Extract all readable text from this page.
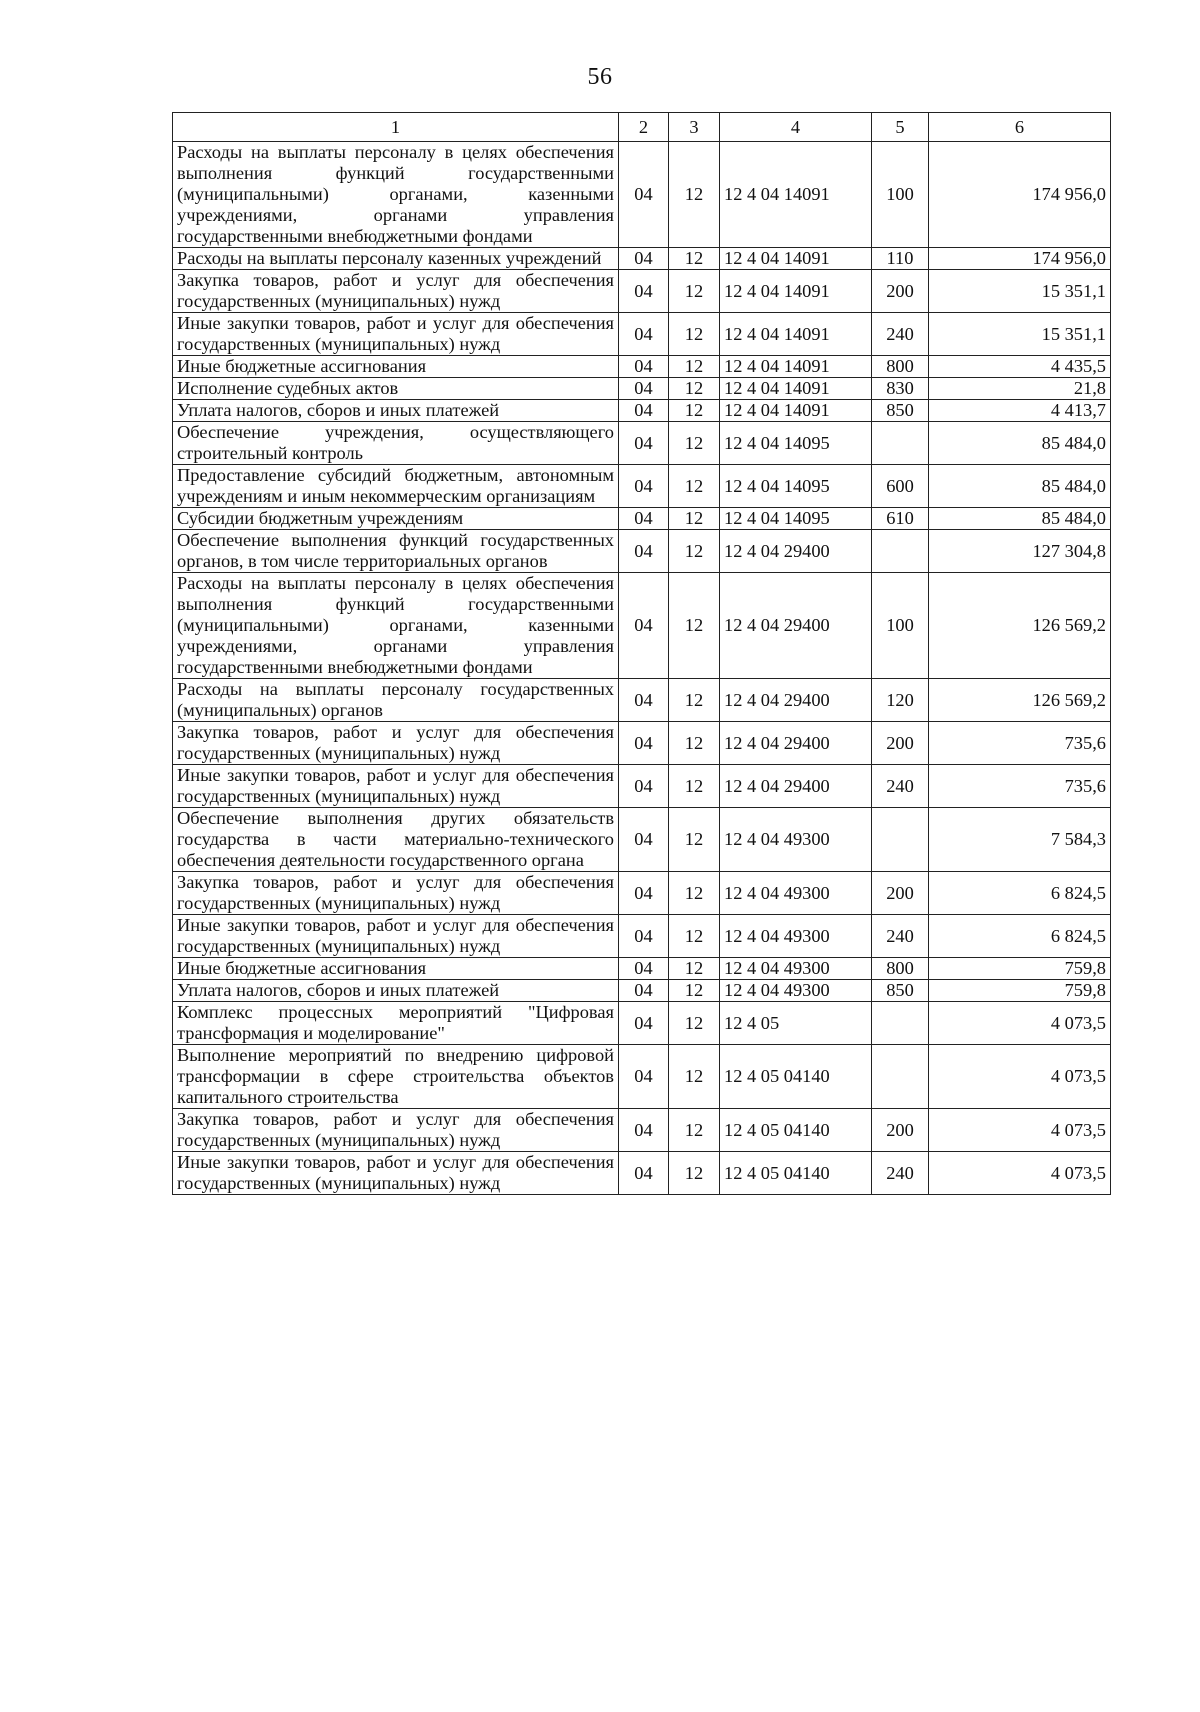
56
1	2	3	4	5	6
Расходы на выплаты персоналу в целях обеспечения выполнения функций государственными (муниципальными) органами, казенными учреждениями, органами управления государственными внебюджетными фондами	04	12	12 4 04 14091	100	174 956,0
Расходы на выплаты персоналу казенных учреждений	04	12	12 4 04 14091	110	174 956,0
Закупка товаров, работ и услуг для обеспечения государственных (муниципальных) нужд	04	12	12 4 04 14091	200	15 351,1
Иные закупки товаров, работ и услуг для обеспечения государственных (муниципальных) нужд	04	12	12 4 04 14091	240	15 351,1
Иные бюджетные ассигнования	04	12	12 4 04 14091	800	4 435,5
Исполнение судебных актов	04	12	12 4 04 14091	830	21,8
Уплата налогов, сборов и иных платежей	04	12	12 4 04 14091	850	4 413,7
Обеспечение учреждения, осуществляющего строительный контроль	04	12	12 4 04 14095		85 484,0
Предоставление субсидий бюджетным, автономным учреждениям и иным некоммерческим организациям	04	12	12 4 04 14095	600	85 484,0
Субсидии бюджетным учреждениям	04	12	12 4 04 14095	610	85 484,0
Обеспечение выполнения функций государственных органов, в том числе территориальных органов	04	12	12 4 04 29400		127 304,8
Расходы на выплаты персоналу в целях обеспечения выполнения функций государственными (муниципальными) органами, казенными учреждениями, органами управления государственными внебюджетными фондами	04	12	12 4 04 29400	100	126 569,2
Расходы на выплаты персоналу государственных (муниципальных) органов	04	12	12 4 04 29400	120	126 569,2
Закупка товаров, работ и услуг для обеспечения государственных (муниципальных) нужд	04	12	12 4 04 29400	200	735,6
Иные закупки товаров, работ и услуг для обеспечения государственных (муниципальных) нужд	04	12	12 4 04 29400	240	735,6
Обеспечение выполнения других обязательств государства в части материально-технического обеспечения деятельности государственного органа	04	12	12 4 04 49300		7 584,3
Закупка товаров, работ и услуг для обеспечения государственных (муниципальных) нужд	04	12	12 4 04 49300	200	6 824,5
Иные закупки товаров, работ и услуг для обеспечения государственных (муниципальных) нужд	04	12	12 4 04 49300	240	6 824,5
Иные бюджетные ассигнования	04	12	12 4 04 49300	800	759,8
Уплата налогов, сборов и иных платежей	04	12	12 4 04 49300	850	759,8
Комплекс процессных мероприятий "Цифровая трансформация и моделирование"	04	12	12 4 05		4 073,5
Выполнение мероприятий по внедрению цифровой трансформации в сфере строительства объектов капитального строительства	04	12	12 4 05 04140		4 073,5
Закупка товаров, работ и услуг для обеспечения государственных (муниципальных) нужд	04	12	12 4 05 04140	200	4 073,5
Иные закупки товаров, работ и услуг для обеспечения государственных (муниципальных) нужд	04	12	12 4 05 04140	240	4 073,5
